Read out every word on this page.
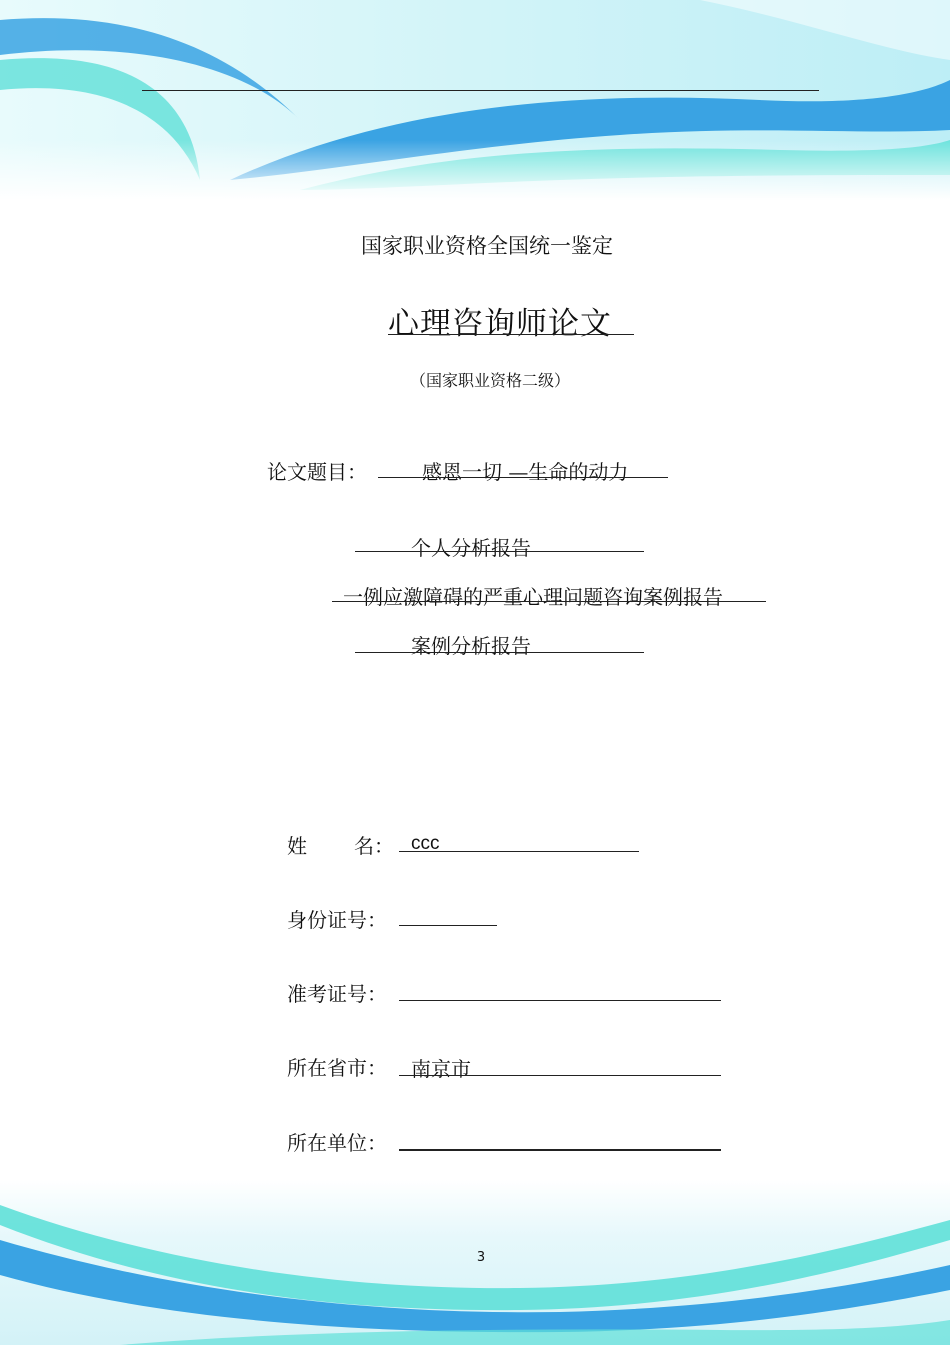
国家职业资格全国统一鉴定
心理咨询师论文
（国家职业资格二级）
论文题目：	感恩一切 —生命的动力
个人分析报告
一例应激障碍的严重心理问题咨询案例报告
案例分析报告
姓 名： ccc
身份证号：
准考证号：
所在省市： 南京市
所在单位：
3
